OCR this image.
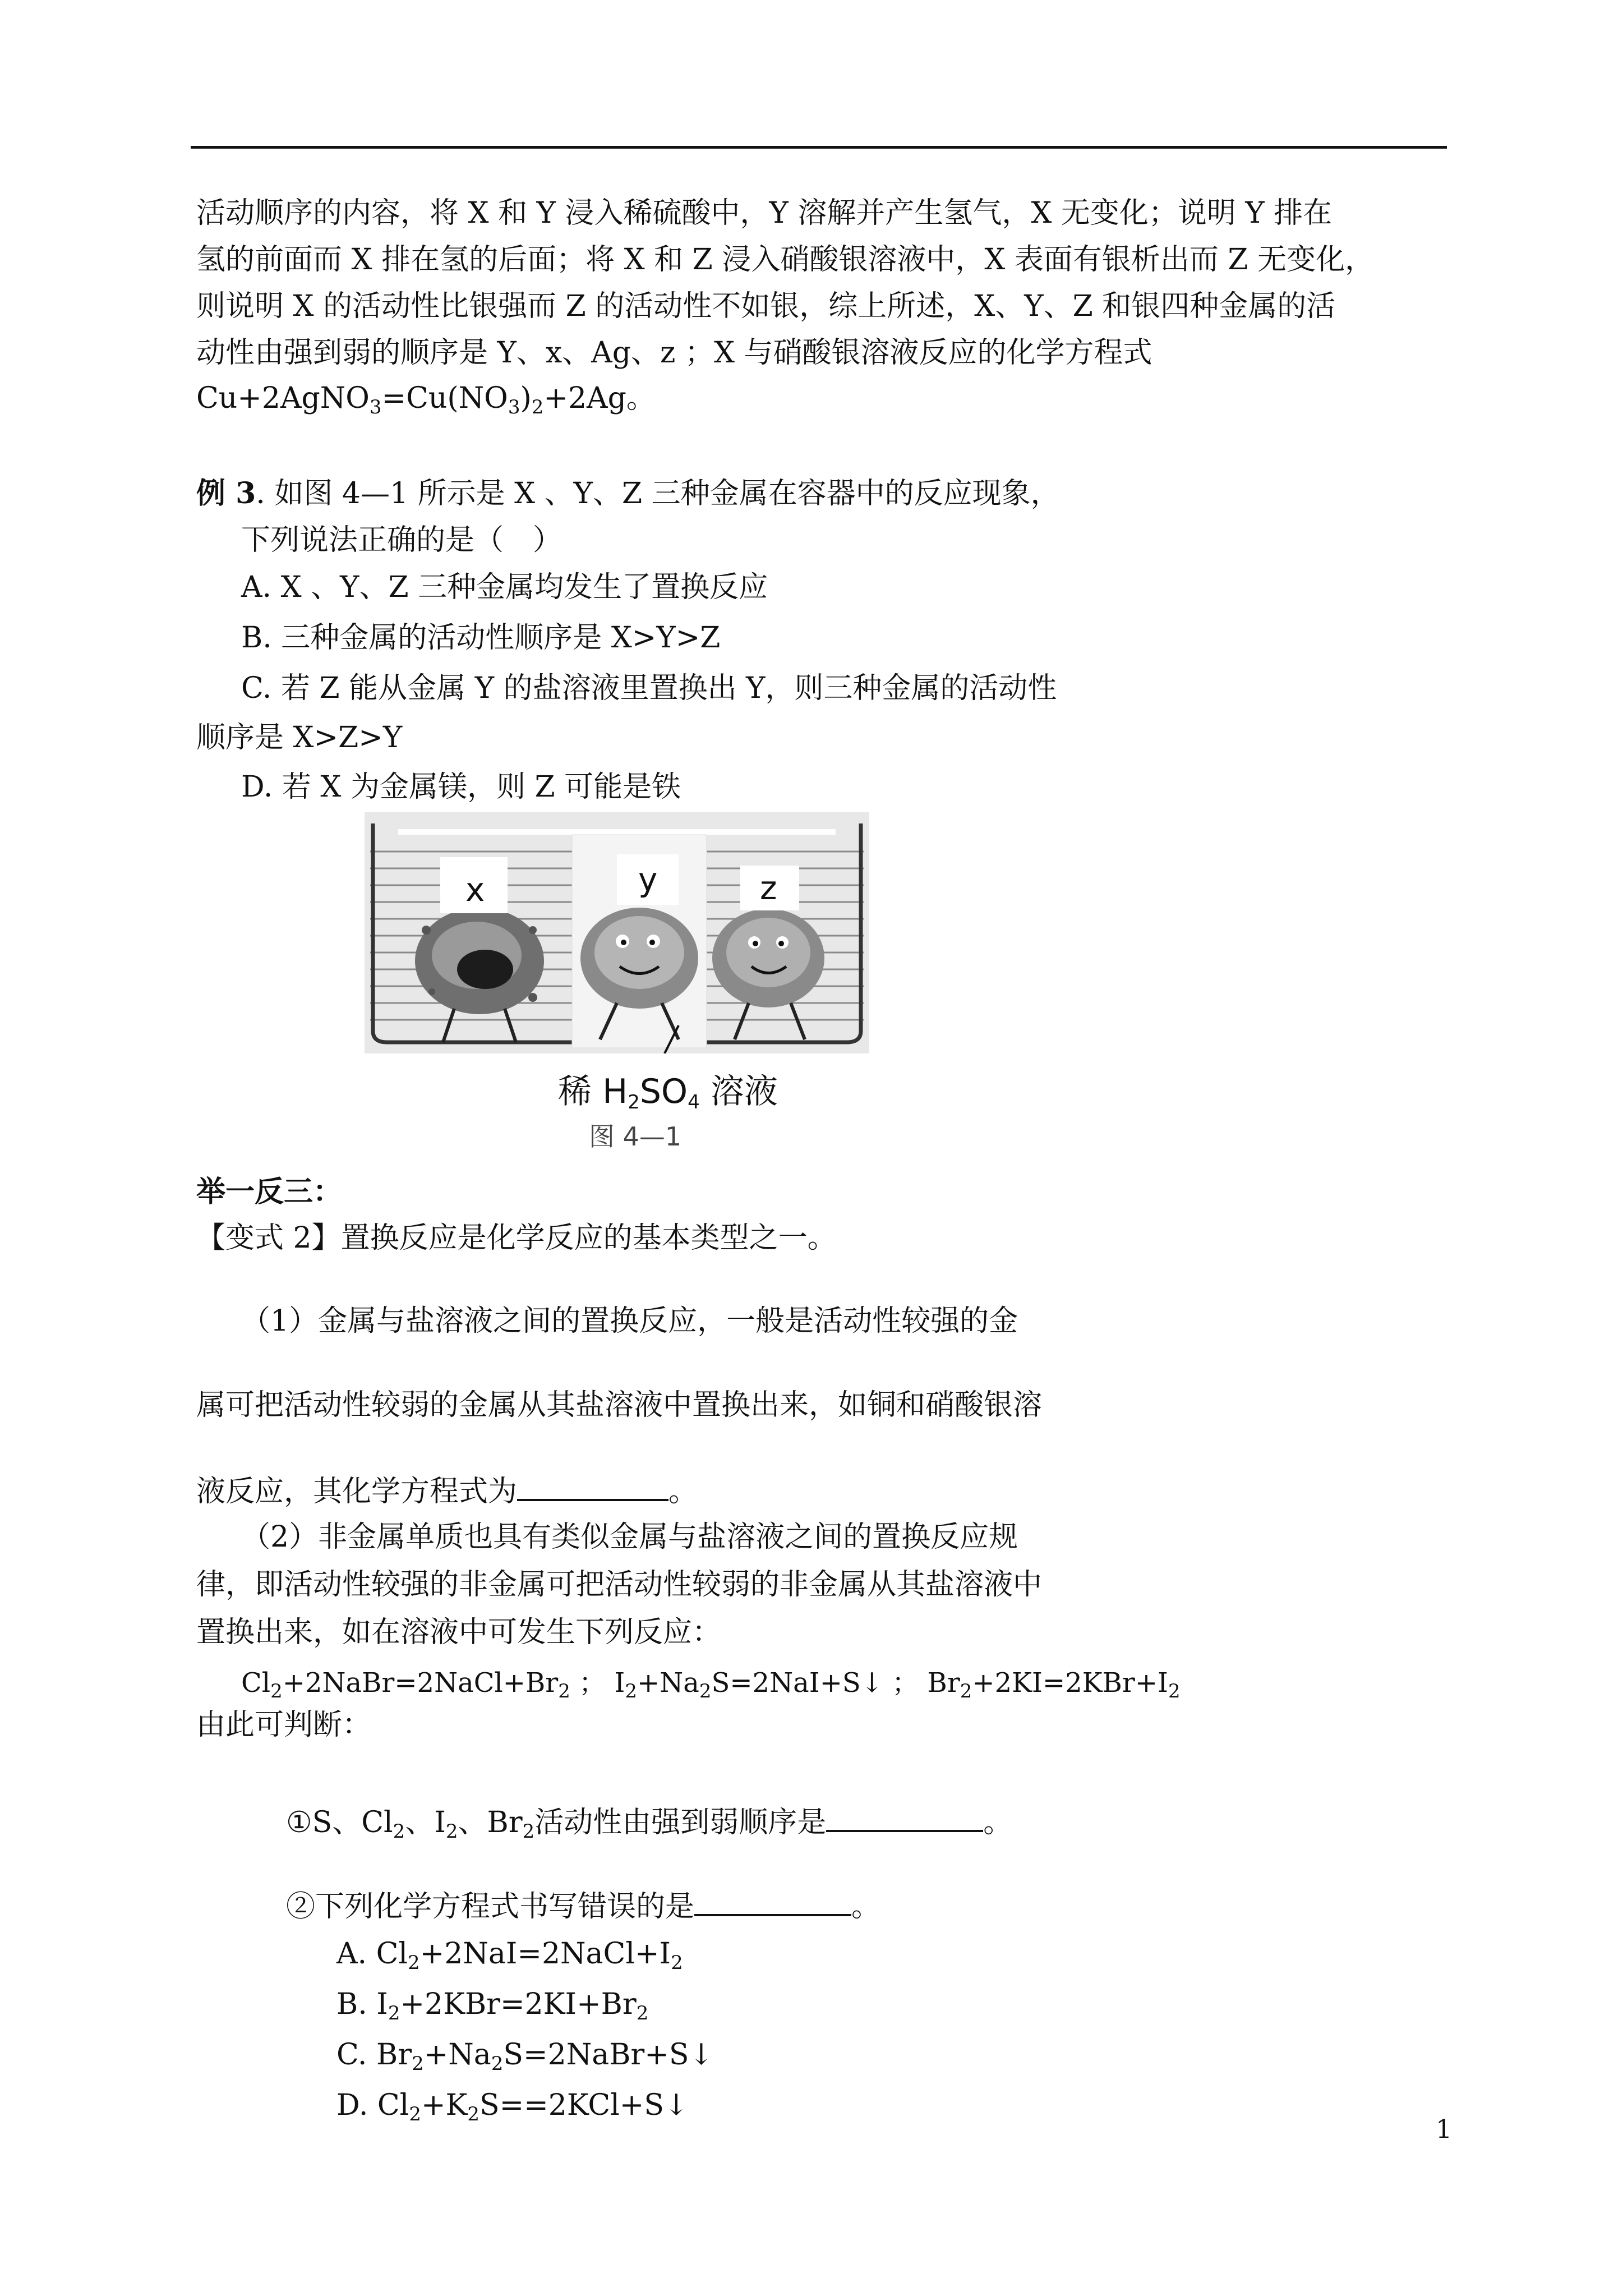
活动顺序的内容，将 X 和 Y 浸入稀硫酸中，Y 溶解并产生氢气，X 无变化；说明 Y 排在
氢的前面而 X 排在氢的后面；将 X 和 Z 浸入硝酸银溶液中，X 表面有银析出而 Z 无变化，
则说明 X 的活动性比银强而 Z 的活动性不如银，综上所述，X、Y、Z 和银四种金属的活
动性由强到弱的顺序是 Y、x、Ag、z ；X 与硝酸银溶液反应的化学方程式
$Cu+2AgNO_3=Cu(NO_3)_2+2Ag$。
例 3. 如图 4—1 所示是 X 、Y、Z 三种金属在容器中的反应现象，
下列说法正确的是（　）
A. X 、Y、Z 三种金属均发生了置换反应
B. 三种金属的活动性顺序是 X>Y>Z
C. 若 Z 能从金属 Y 的盐溶液里置换出 Y，则三种金属的活动性
顺序是 X>Z>Y
D. 若 X 为金属镁，则 Z 可能是铁
x	y	z
稀 $H_2SO_4$ 溶液
图 4—1
举一反三：
【变式 2】置换反应是化学反应的基本类型之一。
（1）金属与盐溶液之间的置换反应，一般是活动性较强的金
属可把活动性较弱的金属从其盐溶液中置换出来，如铜和硝酸银溶
液反应，其化学方程式为	。
（2）非金属单质也具有类似金属与盐溶液之间的置换反应规
律，即活动性较强的非金属可把活动性较弱的非金属从其盐溶液中
置换出来，如在溶液中可发生下列反应：
$Cl_2+2NaBr=2NaCl+Br_2$ ； $I_2+Na_2S=2NaI+S↓$ ； $Br_2+2KI=2KBr+I_2$
由此可判断：
①S、$Cl_2$、$I_2$、$Br_2$活动性由强到弱顺序是	。
②下列化学方程式书写错误的是	。
A. $Cl_2+2NaI=2NaCl+I_2$
B. $I_2+2KBr=2KI+Br_2$
C. $Br_2+Na_2S=2NaBr+S↓$
D. $Cl_2+K_2S==2KCl+S↓$
1
